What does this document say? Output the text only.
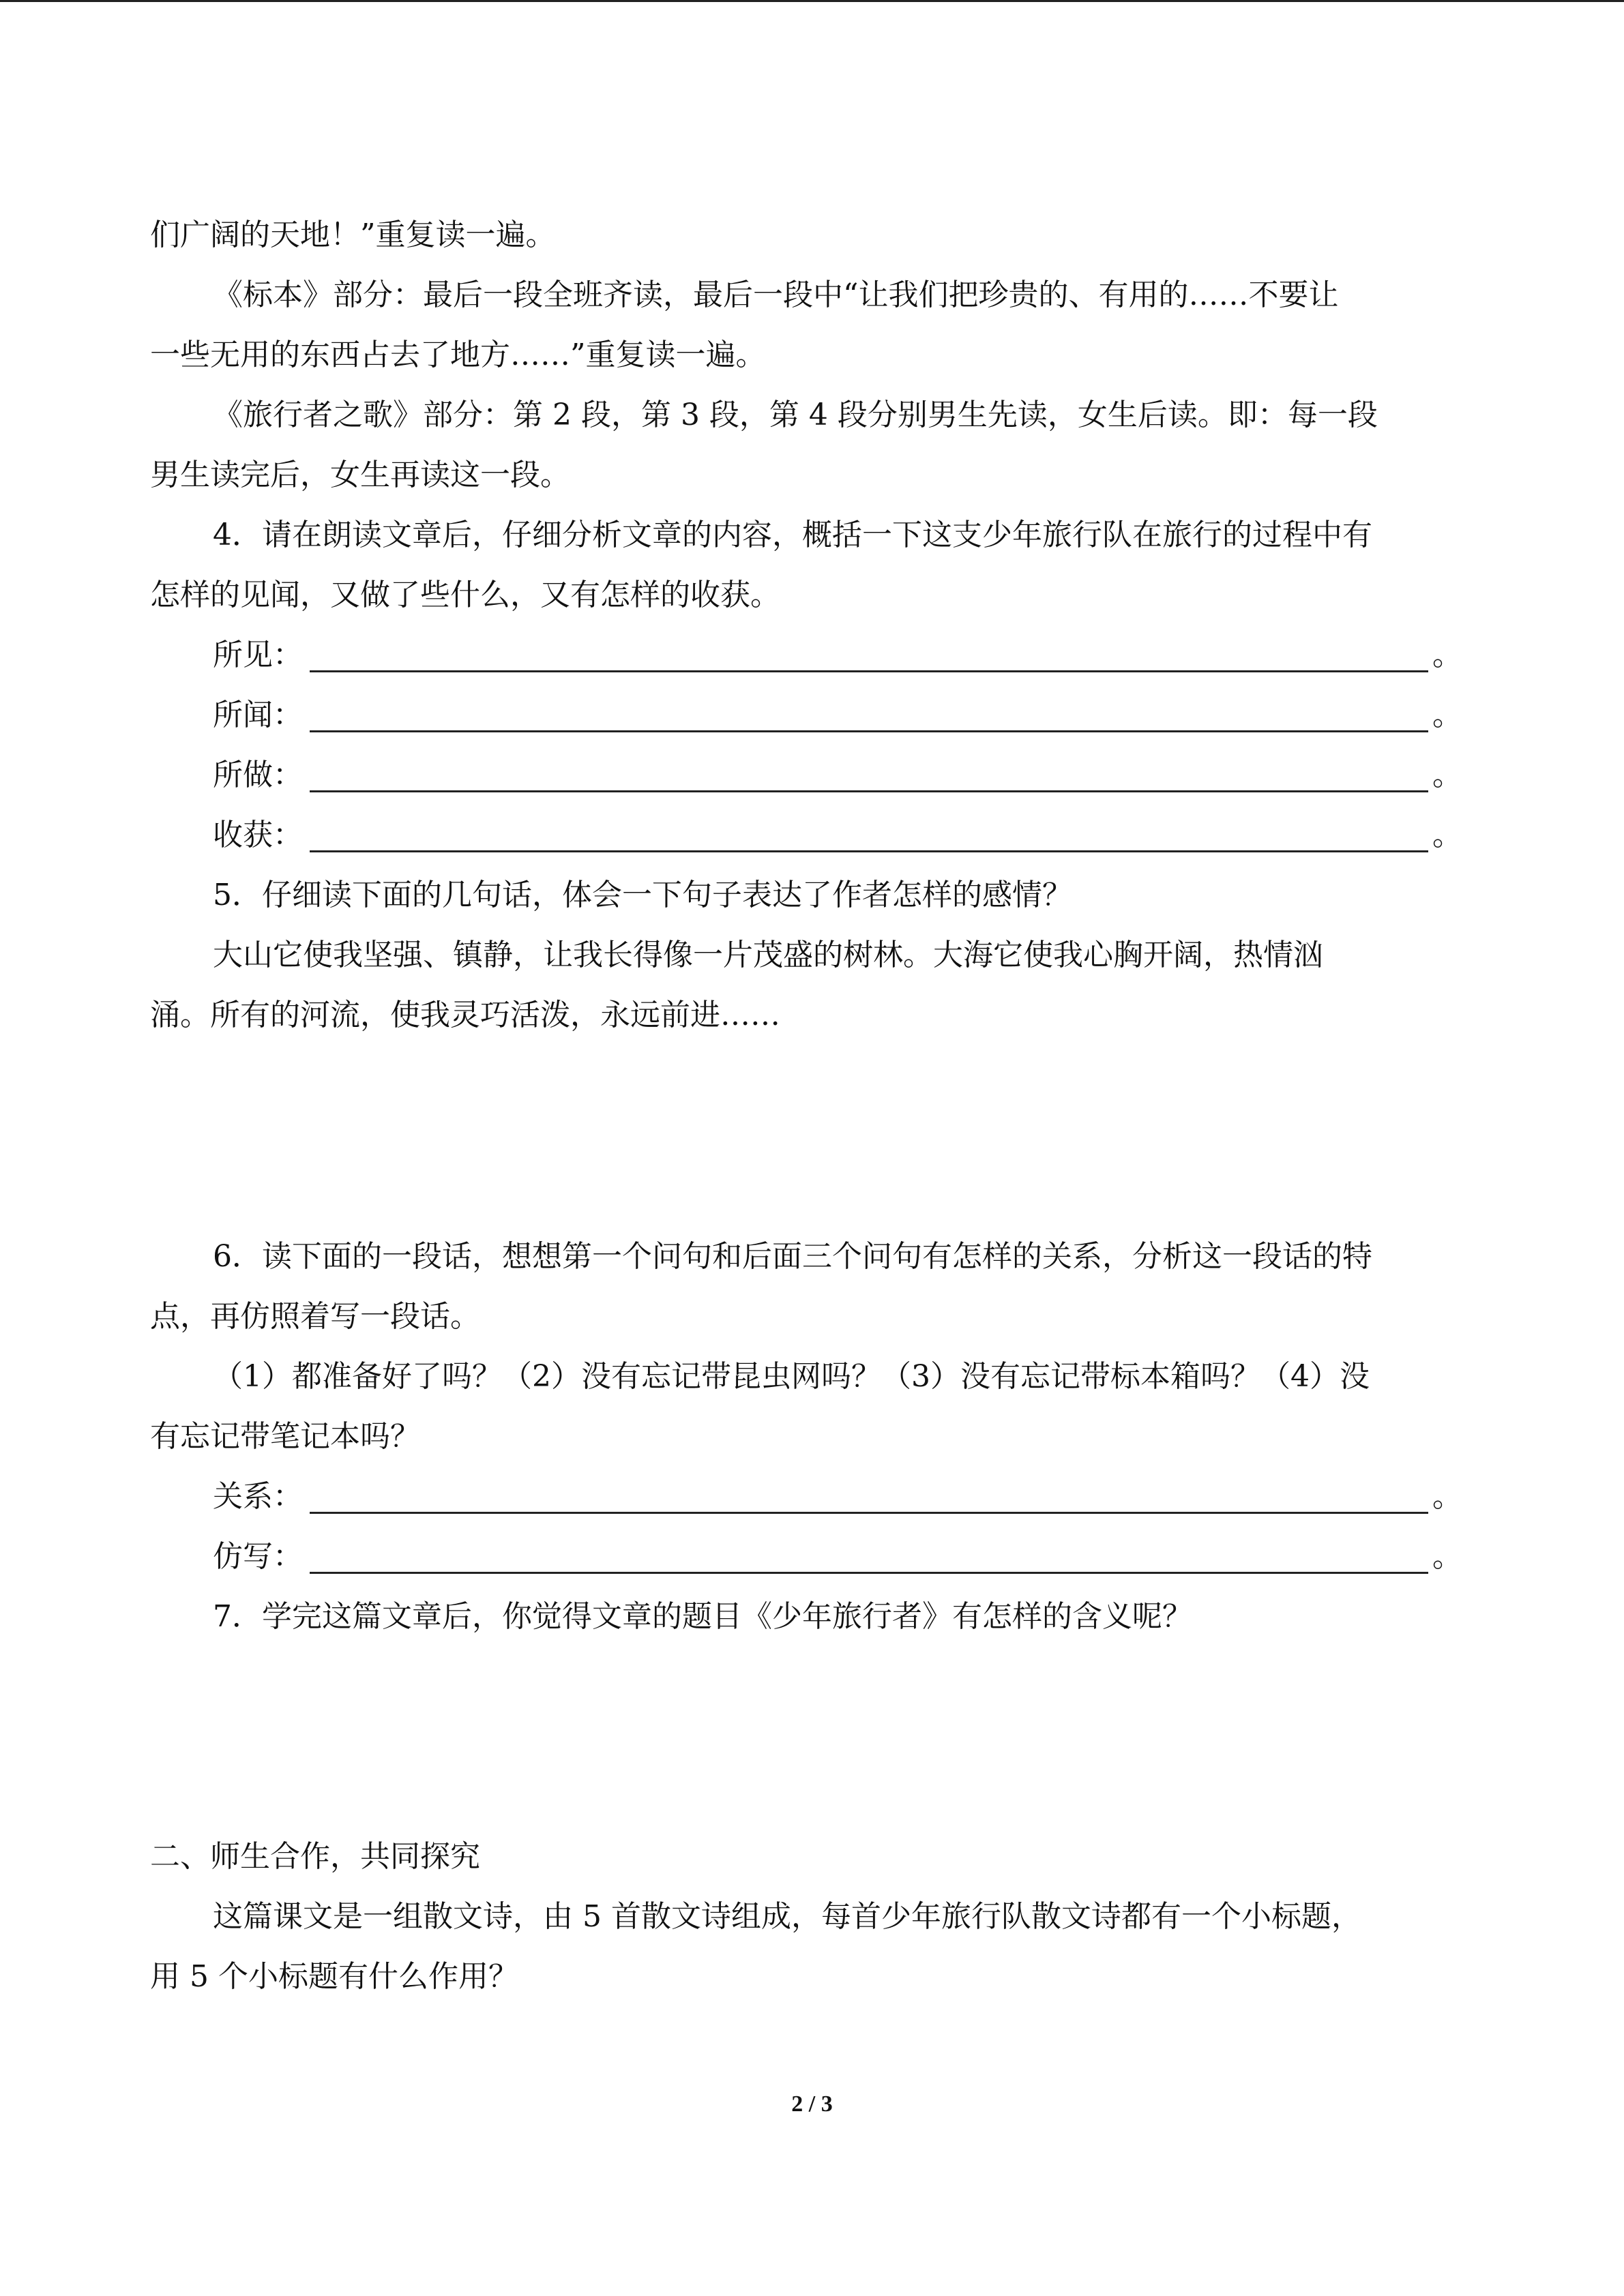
们广阔的天地！”重复读一遍。
《标本》部分：最后一段全班齐读，最后一段中“让我们把珍贵的、有用的……不要让
一些无用的东西占去了地方……”重复读一遍。
《旅行者之歌》部分：第 2 段，第 3 段，第 4 段分别男生先读，女生后读。即：每一段
男生读完后，女生再读这一段。
4．请在朗读文章后，仔细分析文章的内容，概括一下这支少年旅行队在旅行的过程中有
怎样的见闻，又做了些什么，又有怎样的收获。
所见：	。
所闻：	。
所做：	。
收获：	。
5．仔细读下面的几句话，体会一下句子表达了作者怎样的感情？
大山它使我坚强、镇静，让我长得像一片茂盛的树林。大海它使我心胸开阔，热情汹
涌。所有的河流，使我灵巧活泼，永远前进……
6．读下面的一段话，想想第一个问句和后面三个问句有怎样的关系，分析这一段话的特
点，再仿照着写一段话。
（1）都准备好了吗？（2）没有忘记带昆虫网吗？（3）没有忘记带标本箱吗？（4）没
有忘记带笔记本吗？
关系：	。
仿写：	。
7．学完这篇文章后，你觉得文章的题目《少年旅行者》有怎样的含义呢？
二、师生合作，共同探究
这篇课文是一组散文诗，由 5 首散文诗组成，每首少年旅行队散文诗都有一个小标题，
用 5 个小标题有什么作用？
2 / 3
